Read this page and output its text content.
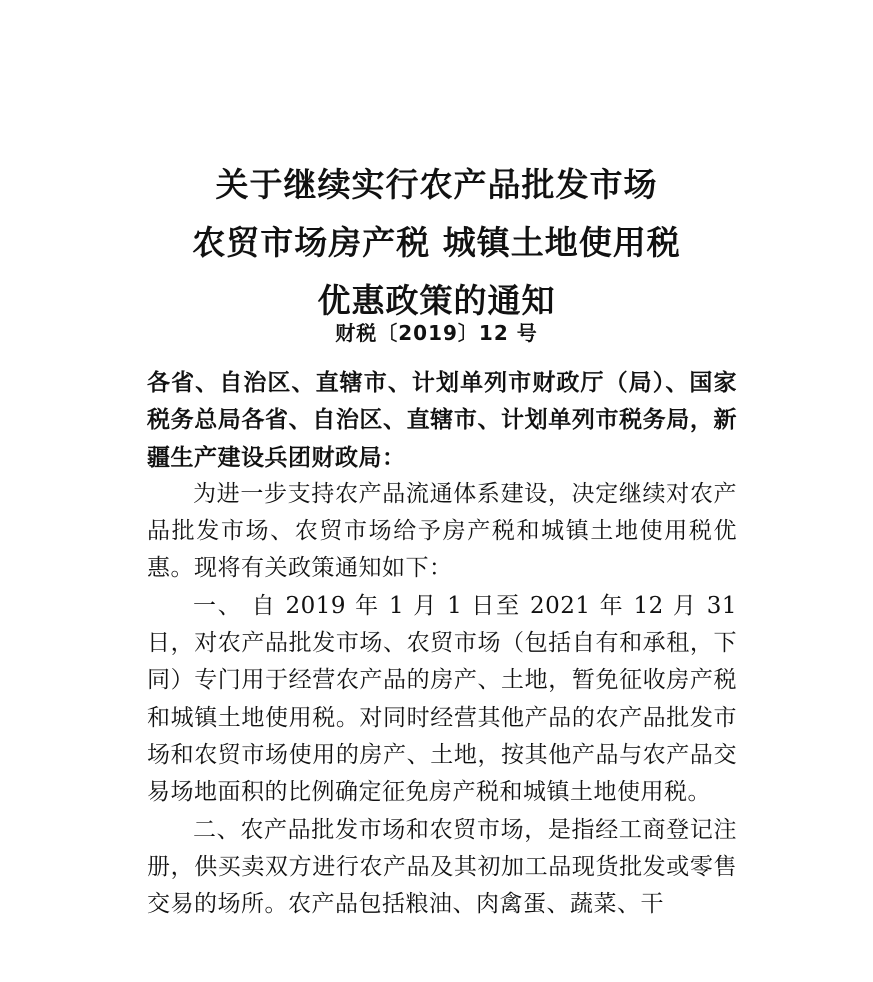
关于继续实行农产品批发市场
农贸市场房产税 城镇土地使用税
优惠政策的通知
财税〔2019〕12 号

各省、自治区、直辖市、计划单列市财政厅（局）、国家税务总局各省、自治区、直辖市、计划单列市税务局，新疆生产建设兵团财政局：

为进一步支持农产品流通体系建设，决定继续对农产品批发市场、农贸市场给予房产税和城镇土地使用税优惠。现将有关政策通知如下：

一、 自 2019 年 1 月 1 日至 2021 年 12 月 31 日，对农产品批发市场、农贸市场（包括自有和承租，下同）专门用于经营农产品的房产、土地，暂免征收房产税和城镇土地使用税。对同时经营其他产品的农产品批发市场和农贸市场使用的房产、土地，按其他产品与农产品交易场地面积的比例确定征免房产税和城镇土地使用税。

二、农产品批发市场和农贸市场，是指经工商登记注册，供买卖双方进行农产品及其初加工品现货批发或零售交易的场所。农产品包括粮油、肉禽蛋、蔬菜、干
